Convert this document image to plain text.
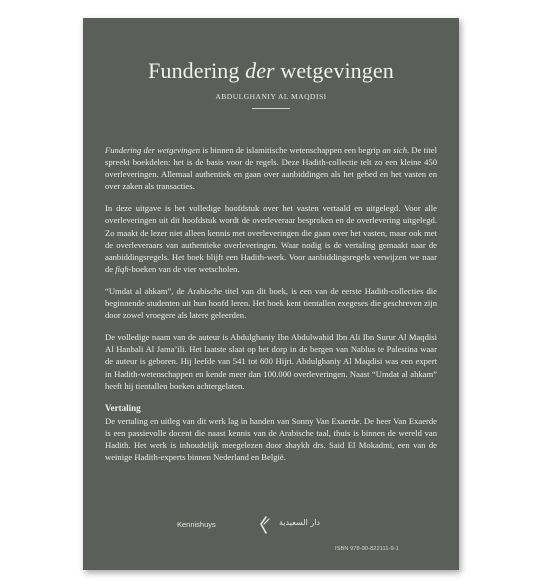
Fundering der wetgevingen
ABDULGHANIY AL MAQDISI

Fundering der wetgevingen is binnen de islamitische wetenschappen een begrip an sich. De titel spreekt boekdelen: het is de basis voor de regels. Deze Hadith-collectie telt zo een kleine 450 overleveringen. Allemaal authentiek en gaan over aanbiddingen als het gebed en het vasten en over zaken als transacties.

In deze uitgave is het volledige hoofdstuk over het vasten vertaald en uitgelegd. Voor alle overleveringen uit dit hoofdstuk wordt de overleveraar besproken en de overlevering uitgelegd. Zo maakt de lezer niet alleen kennis met overleveringen die gaan over het vasten, maar ook met de overleveraars van authentieke overleveringen. Waar nodig is de vertaling gemaakt naar de aanbiddingsregels. Het boek blijft een Hadith-werk. Voor aanbiddingsregels verwijzen we naar de fiqh-boeken van de vier wetscholen.

“Umdat al ahkam”, de Arabische titel van dit boek, is een van de eerste Hadith-collecties die beginnende studenten uit hun hoofd leren. Het boek kent tientallen exegeses die geschreven zijn door zowel vroegere als latere geleerden.

De volledige naam van de auteur is Abdulghaniy Ibn Abdulwahid Ibn Ali Ibn Surur Al Maqdisi Al Hanbali Al Jama’ili. Het laatste slaat op het dorp in de bergen van Nablus te Palestina waar de auteur is geboren. Hij leefde van 541 tot 600 Hijri. Abdulghaniy Al Maqdisi was een expert in Hadith-wetenschappen en kende meer dan 100.000 overleveringen. Naast “Umdat al ahkam” heeft hij tientallen boeken achtergelaten.

Vertaling

De vertaling en uitleg van dit werk lag in handen van Sonny Van Exaerde. De heer Van Exaerde is een passievolle docent die naast kennis van de Arabische taal, thuis is binnen de wereld van Hadith. Het werk is inhoudelijk meegelezen door shaykh drs. Said El Mokadmi, een van de weinige Hadith-experts binnen Nederland en België.

Kennishuys	دار السعيدية
ISBN 978-90-822111-9-1
